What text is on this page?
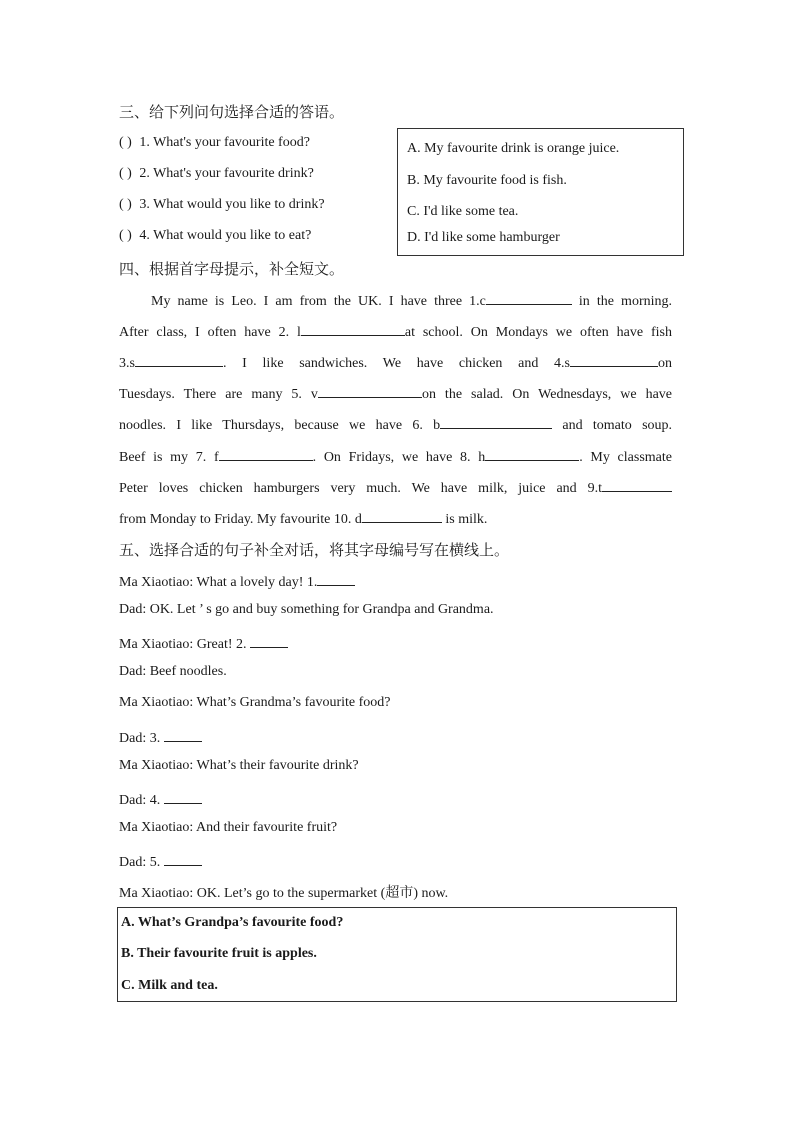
三、给下列问句选择合适的答语。
( ) 1. What's your favourite food?
( ) 2. What's your favourite drink?
( ) 3. What would you like to drink?
( ) 4. What would you like to eat?
A. My favourite drink is orange juice.
B. My favourite food is fish.
C. I'd like some tea.
D. I'd like some hamburger
四、根据首字母提示，补全短文。
My name is Leo. I am from the UK. I have three 1.c	in the morning.
After class, I often have 2. l	at school. On Mondays we often have fish
3.s	. I like sandwiches. We have chicken and 4.s	on
Tuesdays. There are many 5. v	on the salad. On Wednesdays, we have
noodles. I like Thursdays, because we have 6. b	and tomato soup.
Beef is my 7. f	. On Fridays, we have 8. h	. My classmate
Peter loves chicken hamburgers very much. We have milk, juice and 9.t
from Monday to Friday. My favourite 10. d	is milk.
五、选择合适的句子补全对话，将其字母编号写在横线上。
Ma Xiaotiao: What a lovely day! 1.
Dad: OK. Let ’ s go and buy something for Grandpa and Grandma.
Ma Xiaotiao: Great! 2.
Dad: Beef noodles.
Ma Xiaotiao: What’s Grandma’s favourite food?
Dad: 3.
Ma Xiaotiao: What’s their favourite drink?
Dad: 4.
Ma Xiaotiao: And their favourite fruit?
Dad: 5.
Ma Xiaotiao: OK. Let’s go to the supermarket (超市) now.
A. What’s Grandpa’s favourite food?
B. Their favourite fruit is apples.
C. Milk and tea.
